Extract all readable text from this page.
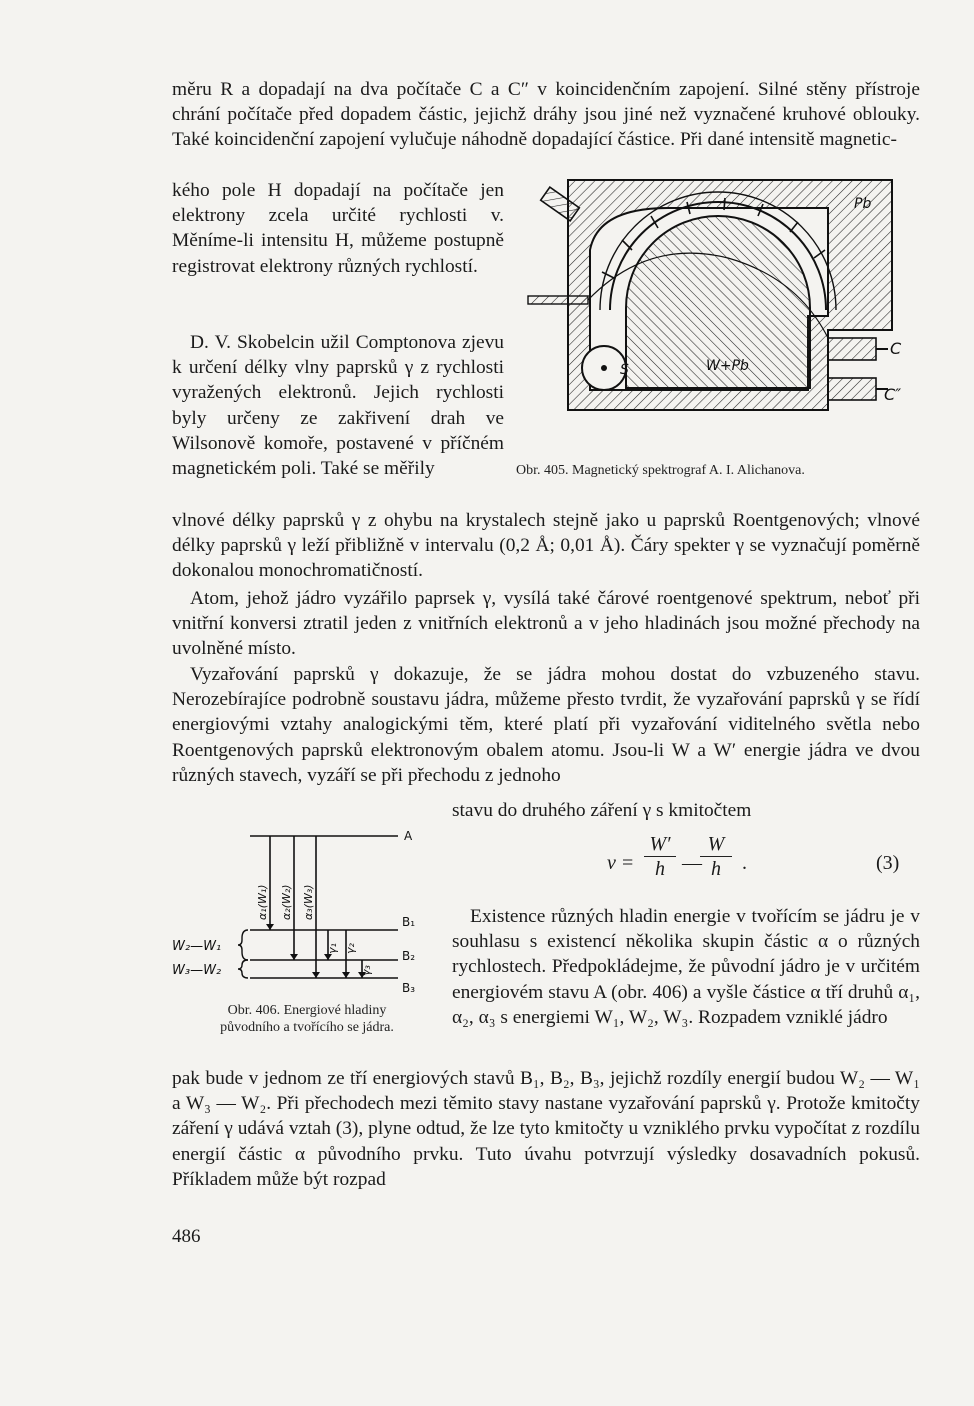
měru R a dopadají na dva počítače C a C″ v koincidenčním zapojení. Silné stěny přístroje chrání počítače před dopadem částic, jejichž dráhy jsou jiné než vyznačené kruhové oblouky. Také koincidenční zapojení vylučuje náhodně dopadající částice. Při dané intensitě magnetic-

kého pole H dopadají na počítače jen elektrony zcela určité rychlosti v. Měníme-li intensitu H, můžeme postupně registrovat elektrony různých rychlostí.

D. V. Skobelcin užil Comptonova zjevu k určení délky vlny paprsků γ z rychlosti vyražených elektronů. Jejich rychlosti byly určeny ze zakřivení drah ve Wilsonově komoře, postavené v příčném magnetickém poli. Také se měřily

vlnové délky paprsků γ z ohybu na krystalech stejně jako u paprsků Roentgenových; vlnové délky paprsků γ leží přibližně v intervalu (0,2 Å; 0,01 Å). Čáry spekter γ se vyznačují poměrně dokonalou monochromatičností.

Atom, jehož jádro vyzářilo paprsek γ, vysílá také čárové roentgenové spektrum, neboť při vnitřní konversi ztratil jeden z vnitřních elektronů a v jeho hladinách jsou možné přechody na uvolněné místo.

Vyzařování paprsků γ dokazuje, že se jádra mohou dostat do vzbuzeného stavu. Nerozebírajíce podrobně soustavu jádra, můžeme přesto tvrdit, že vyzařování paprsků γ se řídí energiovými vztahy analogickými těm, které platí při vyzařování viditelného světla nebo Roentgenových paprsků elektronovým obalem atomu. Jsou-li W a W′ energie jádra ve dvou různých stavech, vyzáří se při přechodu z jednoho

stavu do druhého záření γ s kmitočtem

$\nu = \frac{W'}{h}$ —
$\frac{W}{h}$ .	(3)

Existence různých hladin energie v tvořícím se jádru je v souhlasu s existencí několika skupin částic α o různých rychlostech. Předpokládejme, že původní jádro je v určitém energiovém stavu A (obr. 406) a vyšle částice α tří druhů α₁, α₂, α₃ s energiemi W₁, W₂, W₃. Rozpadem vzniklé jádro

pak bude v jednom ze tří energiových stavů B₁, B₂, B₃, jejichž rozdíly energií budou W₂ — W₁ a W₃ — W₂. Při přechodech mezi těmito stavy nastane vyzařování paprsků γ. Protože kmitočty záření γ udává vztah (3), plyne odtud, že lze tyto kmitočty u vzniklého prvku vypočítat z rozdílu energií částic α původního prvku. Tuto úvahu potvrzují výsledky dosavadních pokusů. Příkladem může být rozpad

Pb
S	W+Pb
C
C″

Obr. 405. Magnetický spektrograf A. I. Alichanova.

A
B₁
B₂
B₃
W₂—W₁
W₃—W₂
α₁(W₁) α₂(W₂) α₃(W₃)
γ₁ γ₂
γ₃

Obr. 406. Energiové hladiny
původního a tvořícího se jádra.

486
